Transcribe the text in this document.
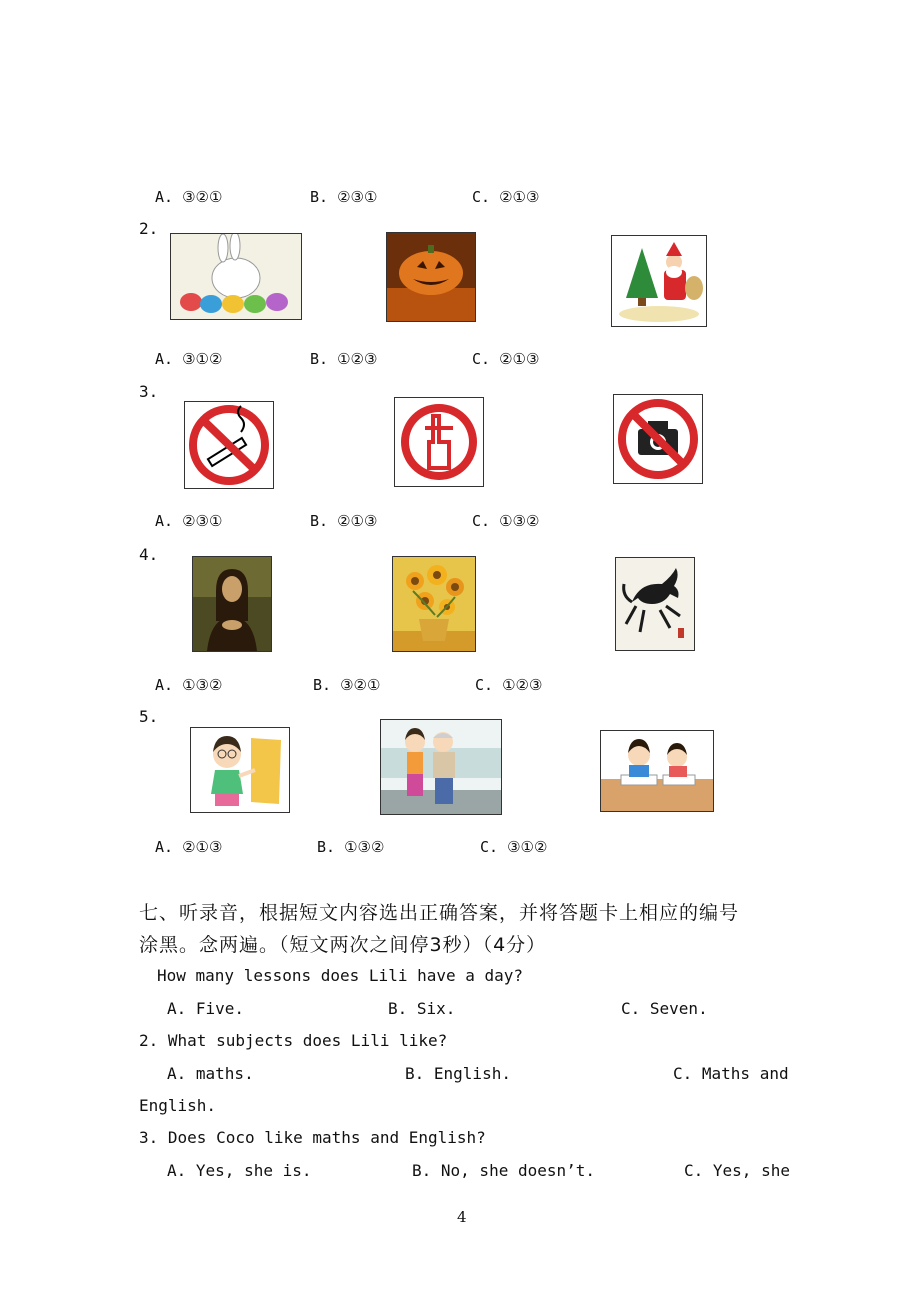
A. ③②①	B. ②③①	C. ②①③
2.
A. ③①②	B. ①②③	C. ②①③
3.
A. ②③①	B. ②①③	C. ①③②
4.
A. ①③②	B. ③②①	C. ①②③
5.
A. ②①③	B. ①③②	C. ③①②
七、听录音，根据短文内容选出正确答案，并将答题卡上相应的编号
涂黑。念两遍。（短文两次之间停3秒）（4分）
How many lessons does Lili have a day?
A. Five.	B. Six.	C. Seven.
2. What subjects does Lili like?
A. maths.	B. English.	C. Maths and
English.
3. Does Coco like maths and English?
A. Yes, she is.	B. No, she doesn’t.	C. Yes, she
4
